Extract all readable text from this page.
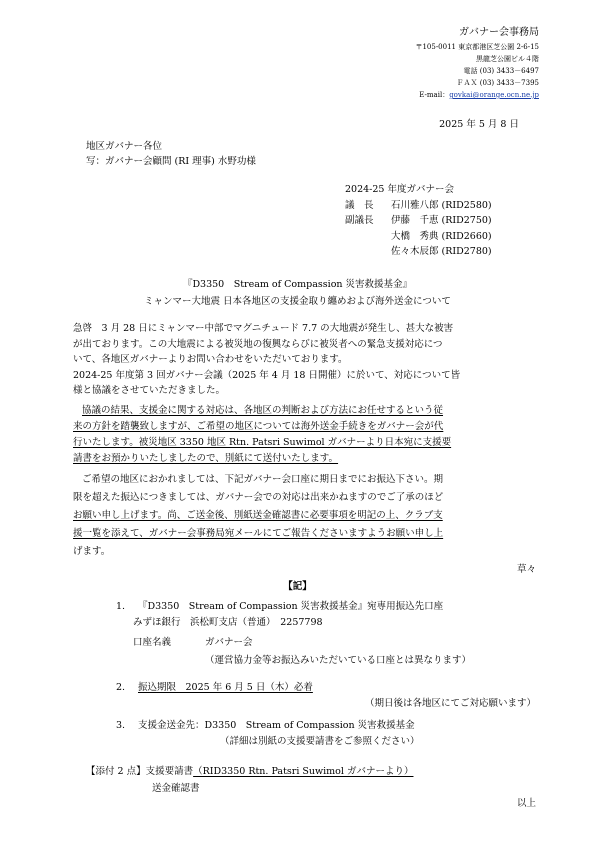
ガバナー会事務局
〒105-0011 東京都港区芝公園 2-6-15
黒龍芝公園ビル４階
電話 (03) 3433－6497
ＦＡＸ (03) 3433－7395
E-mail：govkai@orange.ocn.ne.jp
2025 年 5 月 8 日
地区ガバナー各位
写：ガバナー会顧問 (RI 理事) 水野功様
2024-25 年度ガバナー会
議　長 石川雅八郎 (RID2580)
副議長 伊藤　千恵 (RID2750)
大橋　秀典 (RID2660)
佐々木辰郎 (RID2780)
『D3350　Stream of Compassion 災害救援基金』
ミャンマー大地震 日本各地区の支援金取り纏めおよび海外送金について
急啓　3 月 28 日にミャンマー中部でマグニチュード 7.7 の大地震が発生し、甚大な被害
が出ております。この大地震による被災地の復興ならびに被災者への緊急支援対応につ
いて、各地区ガバナーよりお問い合わせをいただいております。
2024-25 年度第 3 回ガバナー会議（2025 年 4 月 18 日開催）に於いて、対応について皆
様と協議をさせていただきました。
協議の結果、支援金に関する対応は、各地区の判断および方法にお任せするという従
来の方針を踏襲致しますが、ご希望の地区については海外送金手続きをガバナー会が代
行いたします。被災地区 3350 地区 Rtn. Patsri Suwimol ガバナーより日本宛に支援要
請書をお預かりいたしましたので、別紙にて送付いたします。
ご希望の地区におかれましては、下記ガバナー会口座に期日までにお振込下さい。期
限を超えた振込につきましては、ガバナー会での対応は出来かねますのでご了承のほど
お願い申し上げます。尚、ご送金後、別紙送金確認書に必要事項を明記の上、クラブ支
援一覧を添えて、ガバナー会事務局宛メールにてご報告くださいますようお願い申し上
げます。
草々
【記】
1. 『D3350　Stream of Compassion 災害救援基金』宛専用振込先口座
みずほ銀行　浜松町支店（普通）　2257798
口座名義	ガバナー会
（運営協力金等お振込みいただいている口座とは異なります）
2. 振込期限　2025 年 6 月 5 日（木）必着
（期日後は各地区にてご対応願います）
3. 支援金送金先：D3350　Stream of Compassion 災害救援基金
（詳細は別紙の支援要請書をご参照ください）
【添付 2 点】支援要請書（RID3350 Rtn. Patsri Suwimol ガバナーより）
送金確認書
以上
